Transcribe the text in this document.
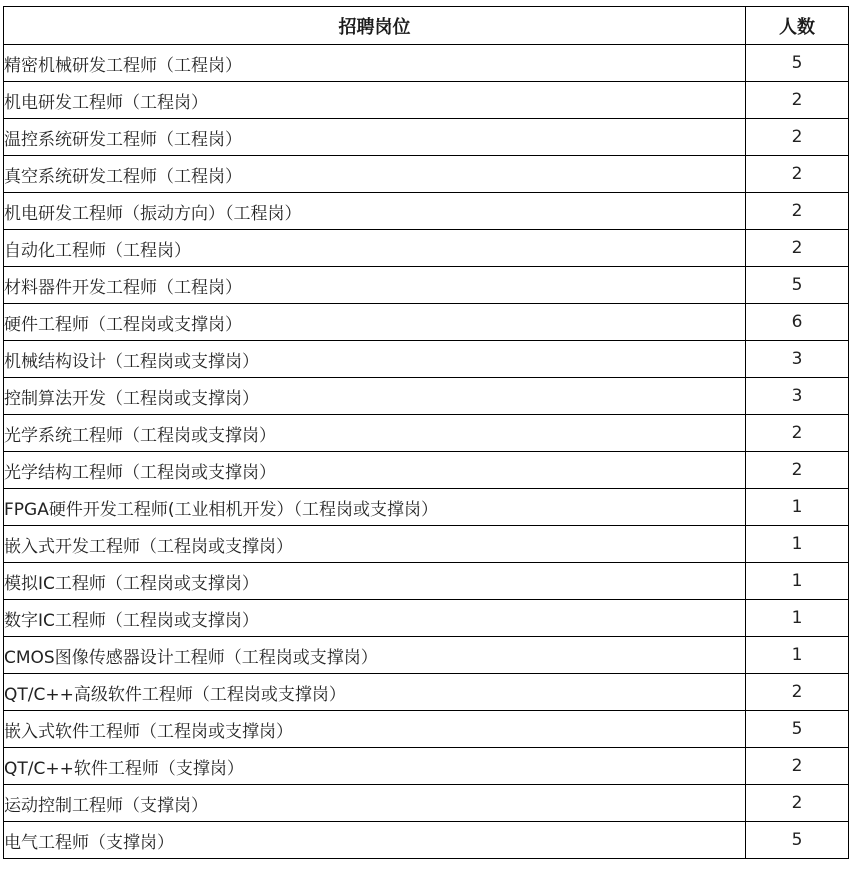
招聘岗位	人数
精密机械研发工程师（工程岗）	5
机电研发工程师（工程岗）	2
温控系统研发工程师（工程岗）	2
真空系统研发工程师（工程岗）	2
机电研发工程师（振动方向）（工程岗）	2
自动化工程师（工程岗）	2
材料器件开发工程师（工程岗）	5
硬件工程师（工程岗或支撑岗）	6
机械结构设计（工程岗或支撑岗）	3
控制算法开发（工程岗或支撑岗）	3
光学系统工程师（工程岗或支撑岗）	2
光学结构工程师（工程岗或支撑岗）	2
FPGA硬件开发工程师(工业相机开发）（工程岗或支撑岗）	1
嵌入式开发工程师（工程岗或支撑岗）	1
模拟IC工程师（工程岗或支撑岗）	1
数字IC工程师（工程岗或支撑岗）	1
CMOS图像传感器设计工程师（工程岗或支撑岗）	1
QT/C++高级软件工程师（工程岗或支撑岗）	2
嵌入式软件工程师（工程岗或支撑岗）	5
QT/C++软件工程师（支撑岗）	2
运动控制工程师（支撑岗）	2
电气工程师（支撑岗）	5
